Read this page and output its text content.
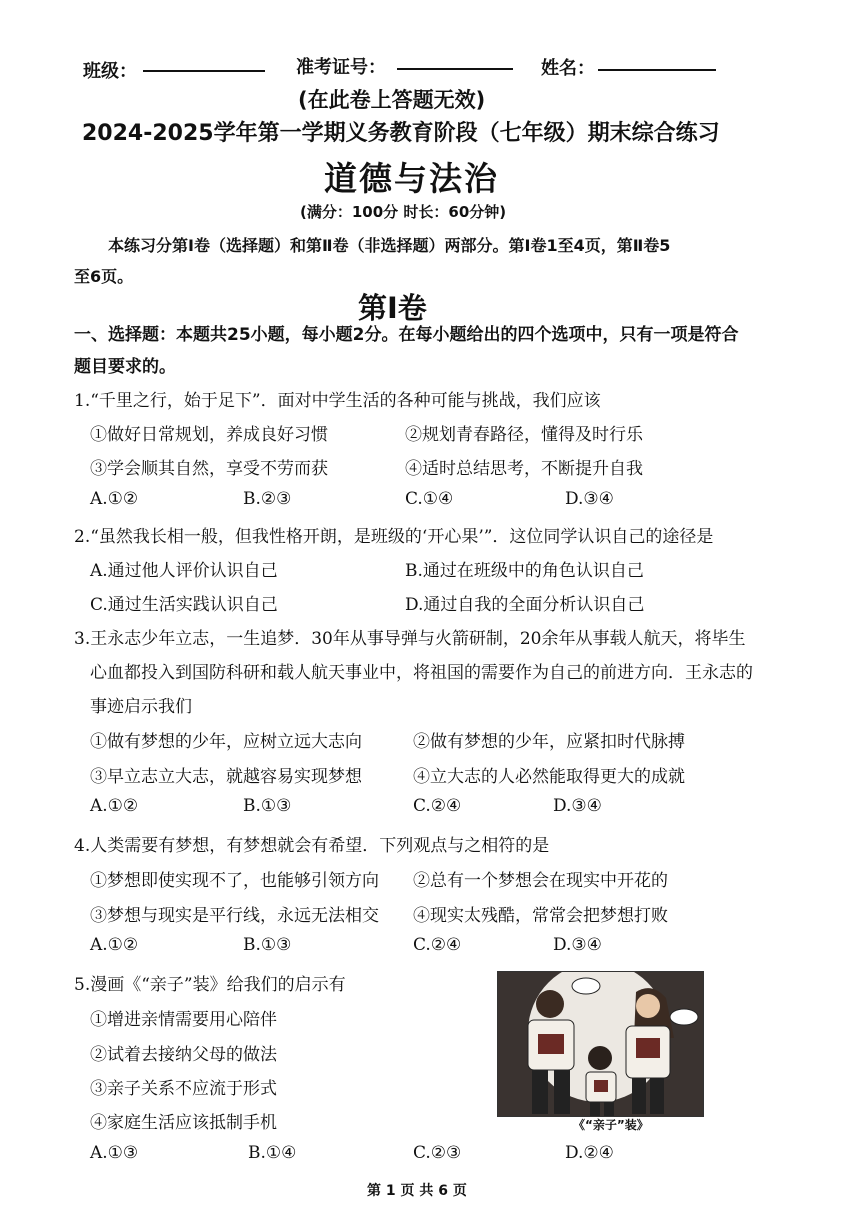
班级：	准考证号：	姓名：
(在此卷上答题无效)
2024-2025学年第一学期义务教育阶段（七年级）期末综合练习
道德与法治
(满分：100分 时长：60分钟)
本练习分第Ⅰ卷（选择题）和第Ⅱ卷（非选择题）两部分。第Ⅰ卷1至4页，第Ⅱ卷5
至6页。
第Ⅰ卷
一、选择题：本题共25小题，每小题2分。在每小题给出的四个选项中，只有一项是符合
题目要求的。
1.“千里之行，始于足下”．面对中学生活的各种可能与挑战，我们应该
①做好日常规划，养成良好习惯	②规划青春路径，懂得及时行乐
③学会顺其自然，享受不劳而获	④适时总结思考，不断提升自我
A.①②	B.②③	C.①④	D.③④
2.“虽然我长相一般，但我性格开朗，是班级的‘开心果’”．这位同学认识自己的途径是
A.通过他人评价认识自己	B.通过在班级中的角色认识自己
C.通过生活实践认识自己	D.通过自我的全面分析认识自己
3.王永志少年立志，一生追梦．30年从事导弹与火箭研制，20余年从事载人航天，将毕生
心血都投入到国防科研和载人航天事业中，将祖国的需要作为自己的前进方向．王永志的
事迹启示我们
①做有梦想的少年，应树立远大志向	②做有梦想的少年，应紧扣时代脉搏
③早立志立大志，就越容易实现梦想	④立大志的人必然能取得更大的成就
A.①②	B.①③	C.②④	D.③④
4.人类需要有梦想，有梦想就会有希望．下列观点与之相符的是
①梦想即使实现不了，也能够引领方向 ②总有一个梦想会在现实中开花的
③梦想与现实是平行线，永远无法相交 ④现实太残酷，常常会把梦想打败
A.①②	B.①③	C.②④	D.③④
5.漫画《“亲子”装》给我们的启示有
①增进亲情需要用心陪伴
②试着去接纳父母的做法
③亲子关系不应流于形式
④家庭生活应该抵制手机
A.①③	B.①④	C.②③	D.②④
《“亲子”装》
第 1 页 共 6 页
